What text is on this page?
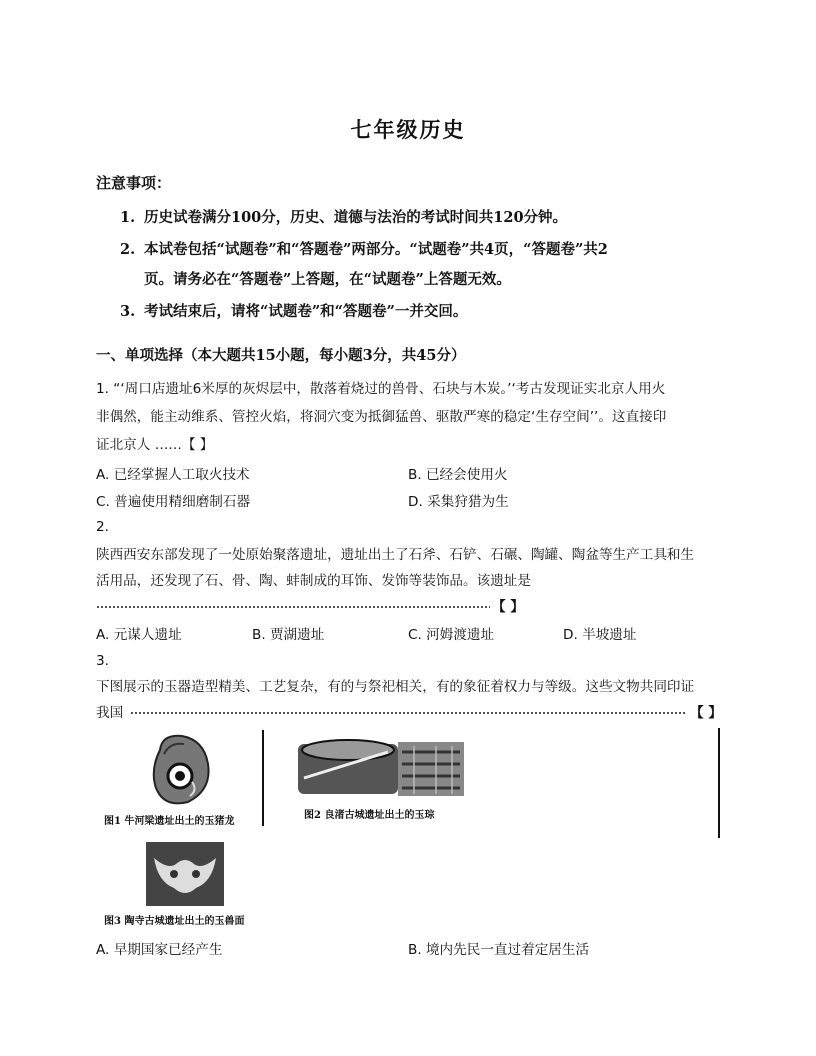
七年级历史
注意事项：
1. 历史试卷满分100分，历史、道德与法治的考试时间共120分钟。
2. 本试卷包括“试题卷”和“答题卷”两部分。“试题卷”共4页，“答题卷”共2
页。请务必在“答题卷”上答题，在“试题卷”上答题无效。
3. 考试结束后，请将“试题卷”和“答题卷”一并交回。
一、单项选择（本大题共15小题，每小题3分，共45分）
1. “‘周口店遗址6米厚的灰烬层中，散落着烧过的兽骨、石块与木炭。’‘考古发现证实北京人用火
非偶然，能主动维系、管控火焰，将洞穴变为抵御猛兽、驱散严寒的稳定‘生存空间’’。这直接印
证北京人 ……【 】
A. 已经掌握人工取火技术	B. 已经会使用火
C. 普遍使用精细磨制石器	D. 采集狩猎为生
2.
陕西西安东部发现了一处原始聚落遗址，遗址出土了石斧、石铲、石碾、陶罐、陶盆等生产工具和生
活用品，还发现了石、骨、陶、蚌制成的耳饰、发饰等装饰品。该遗址是
【 】
A. 元谋人遗址	B. 贾湖遗址	C. 河姆渡遗址	D. 半坡遗址
3.
下图展示的玉器造型精美、工艺复杂，有的与祭祀相关，有的象征着权力与等级。这些文物共同印证
我国	【 】
图1 牛河梁遗址出土的玉猪龙
图2 良渚古城遗址出土的玉琮
图3 陶寺古城遗址出土的玉兽面
A. 早期国家已经产生	B. 境内先民一直过着定居生活
